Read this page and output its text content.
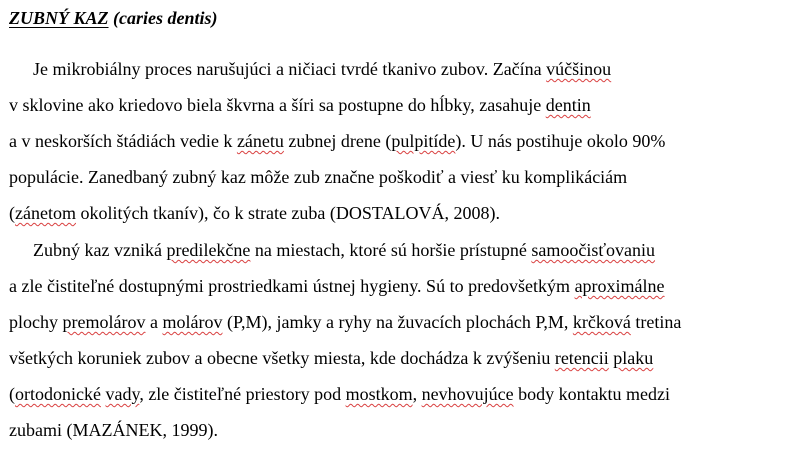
ZUBNÝ KAZ (caries dentis)
Je mikrobiálny proces narušujúci a ničiaci tvrdé tkanivo zubov. Začína vúčšinou
v sklovine ako kriedovo biela škvrna a šíri sa postupne do hĺbky, zasahuje dentin
a v neskorších štádiách vedie k zánetu zubnej drene (pulpitíde). U nás postihuje okolo 90%
populácie. Zanedbaný zubný kaz môže zub značne poškodiť a viesť ku komplikáciám
(zánetom okolitých tkanív), čo k strate zuba (DOSTALOVÁ, 2008).
Zubný kaz vzniká predilekčne na miestach, ktoré sú horšie prístupné samoočisťovaniu
a zle čistiteľné dostupnými prostriedkami ústnej hygieny. Sú to predovšetkým aproximálne
plochy premolárov a molárov (P,M), jamky a ryhy na žuvacích plochách P,M, krčková tretina
všetkých koruniek zubov a obecne všetky miesta, kde dochádza k zvýšeniu retencii plaku
(ortodonické vady, zle čistiteľné priestory pod mostkom, nevhovujúce body kontaktu medzi
zubami (MAZÁNEK, 1999).
